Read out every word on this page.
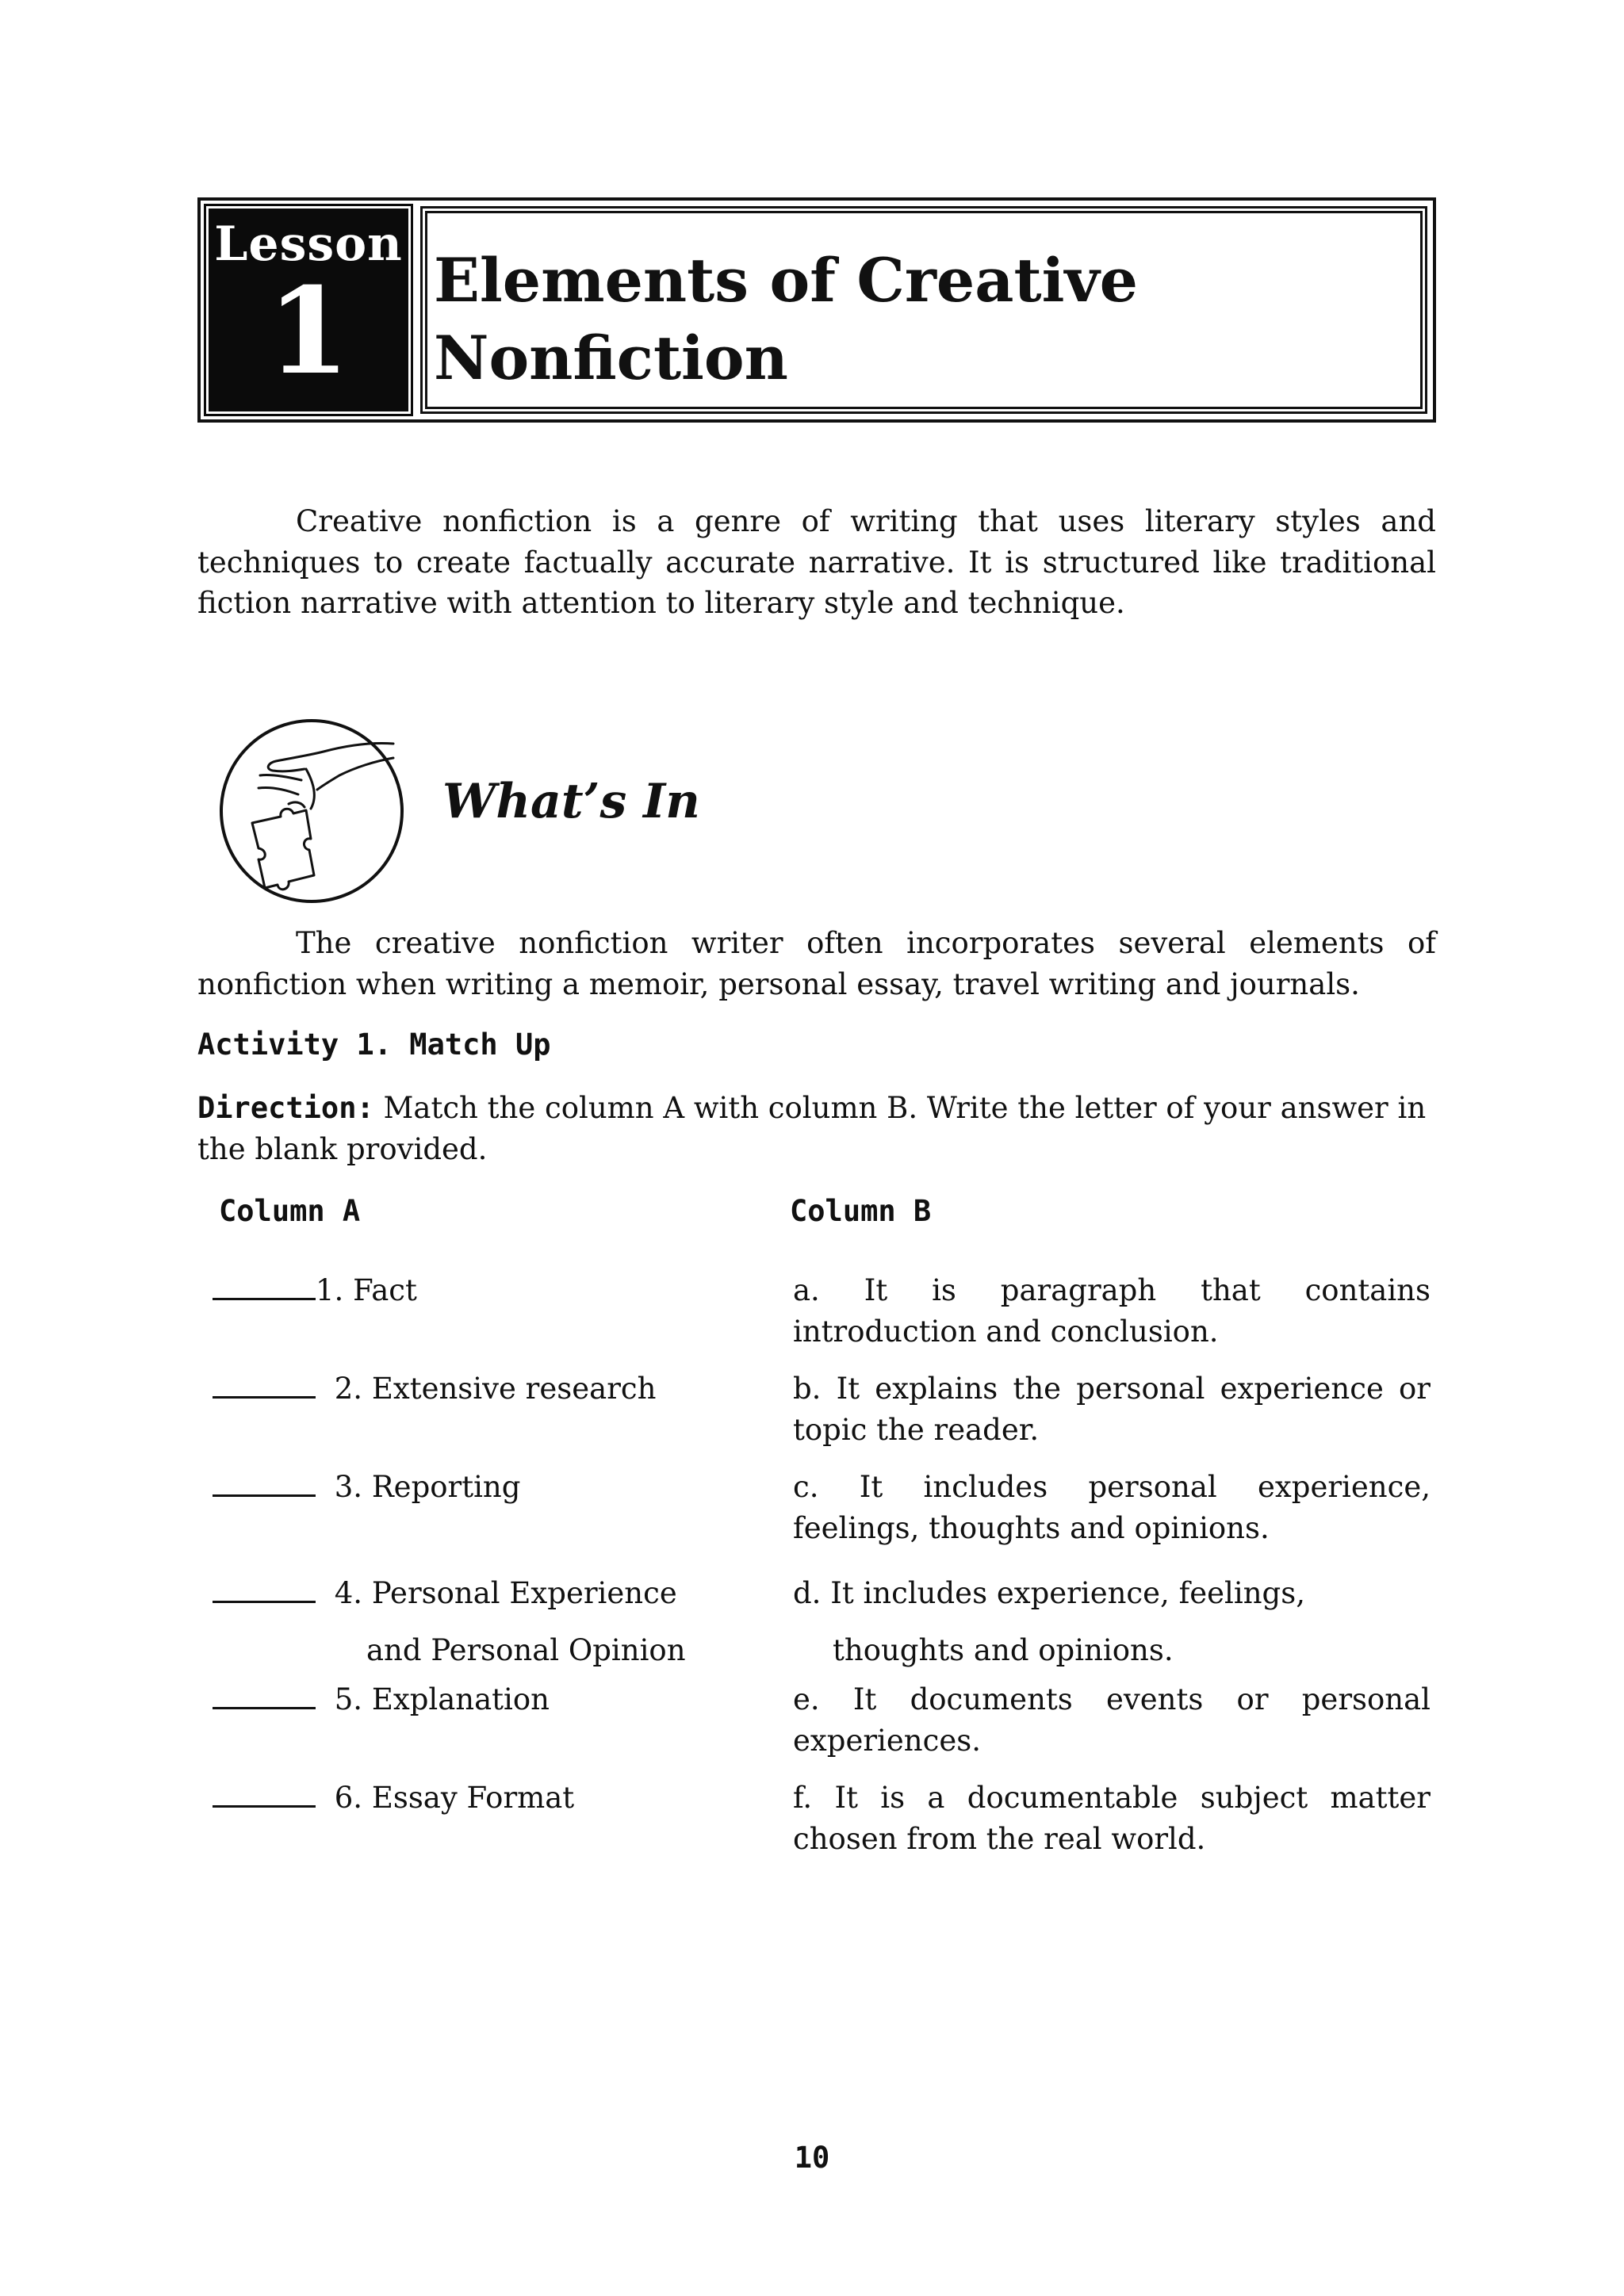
Lesson
1 Elements of Creative
Nonfiction

Creative nonfiction is a genre of writing that uses literary styles and techniques to create factually accurate narrative. It is structured like traditional fiction narrative with attention to literary style and technique.

What’s In

The creative nonfiction writer often incorporates several elements of nonfiction when writing a memoir, personal essay, travel writing and journals.

Activity 1. Match Up

Direction: Match the column A with column B. Write the letter of your answer in the blank provided.

Column A	Column B

1. Fact

2. Extensive research

3. Reporting

4. Personal Experience
and Personal Opinion

5. Explanation

6. Essay Format

a. It is paragraph that contains introduction and conclusion.

b. It explains the personal experience or topic the reader.

c. It includes personal experience, feelings, thoughts and opinions.

d. It includes experience, feelings,
thoughts and opinions.

e. It documents events or personal experiences.

f. It is a documentable subject matter chosen from the real world.

10
